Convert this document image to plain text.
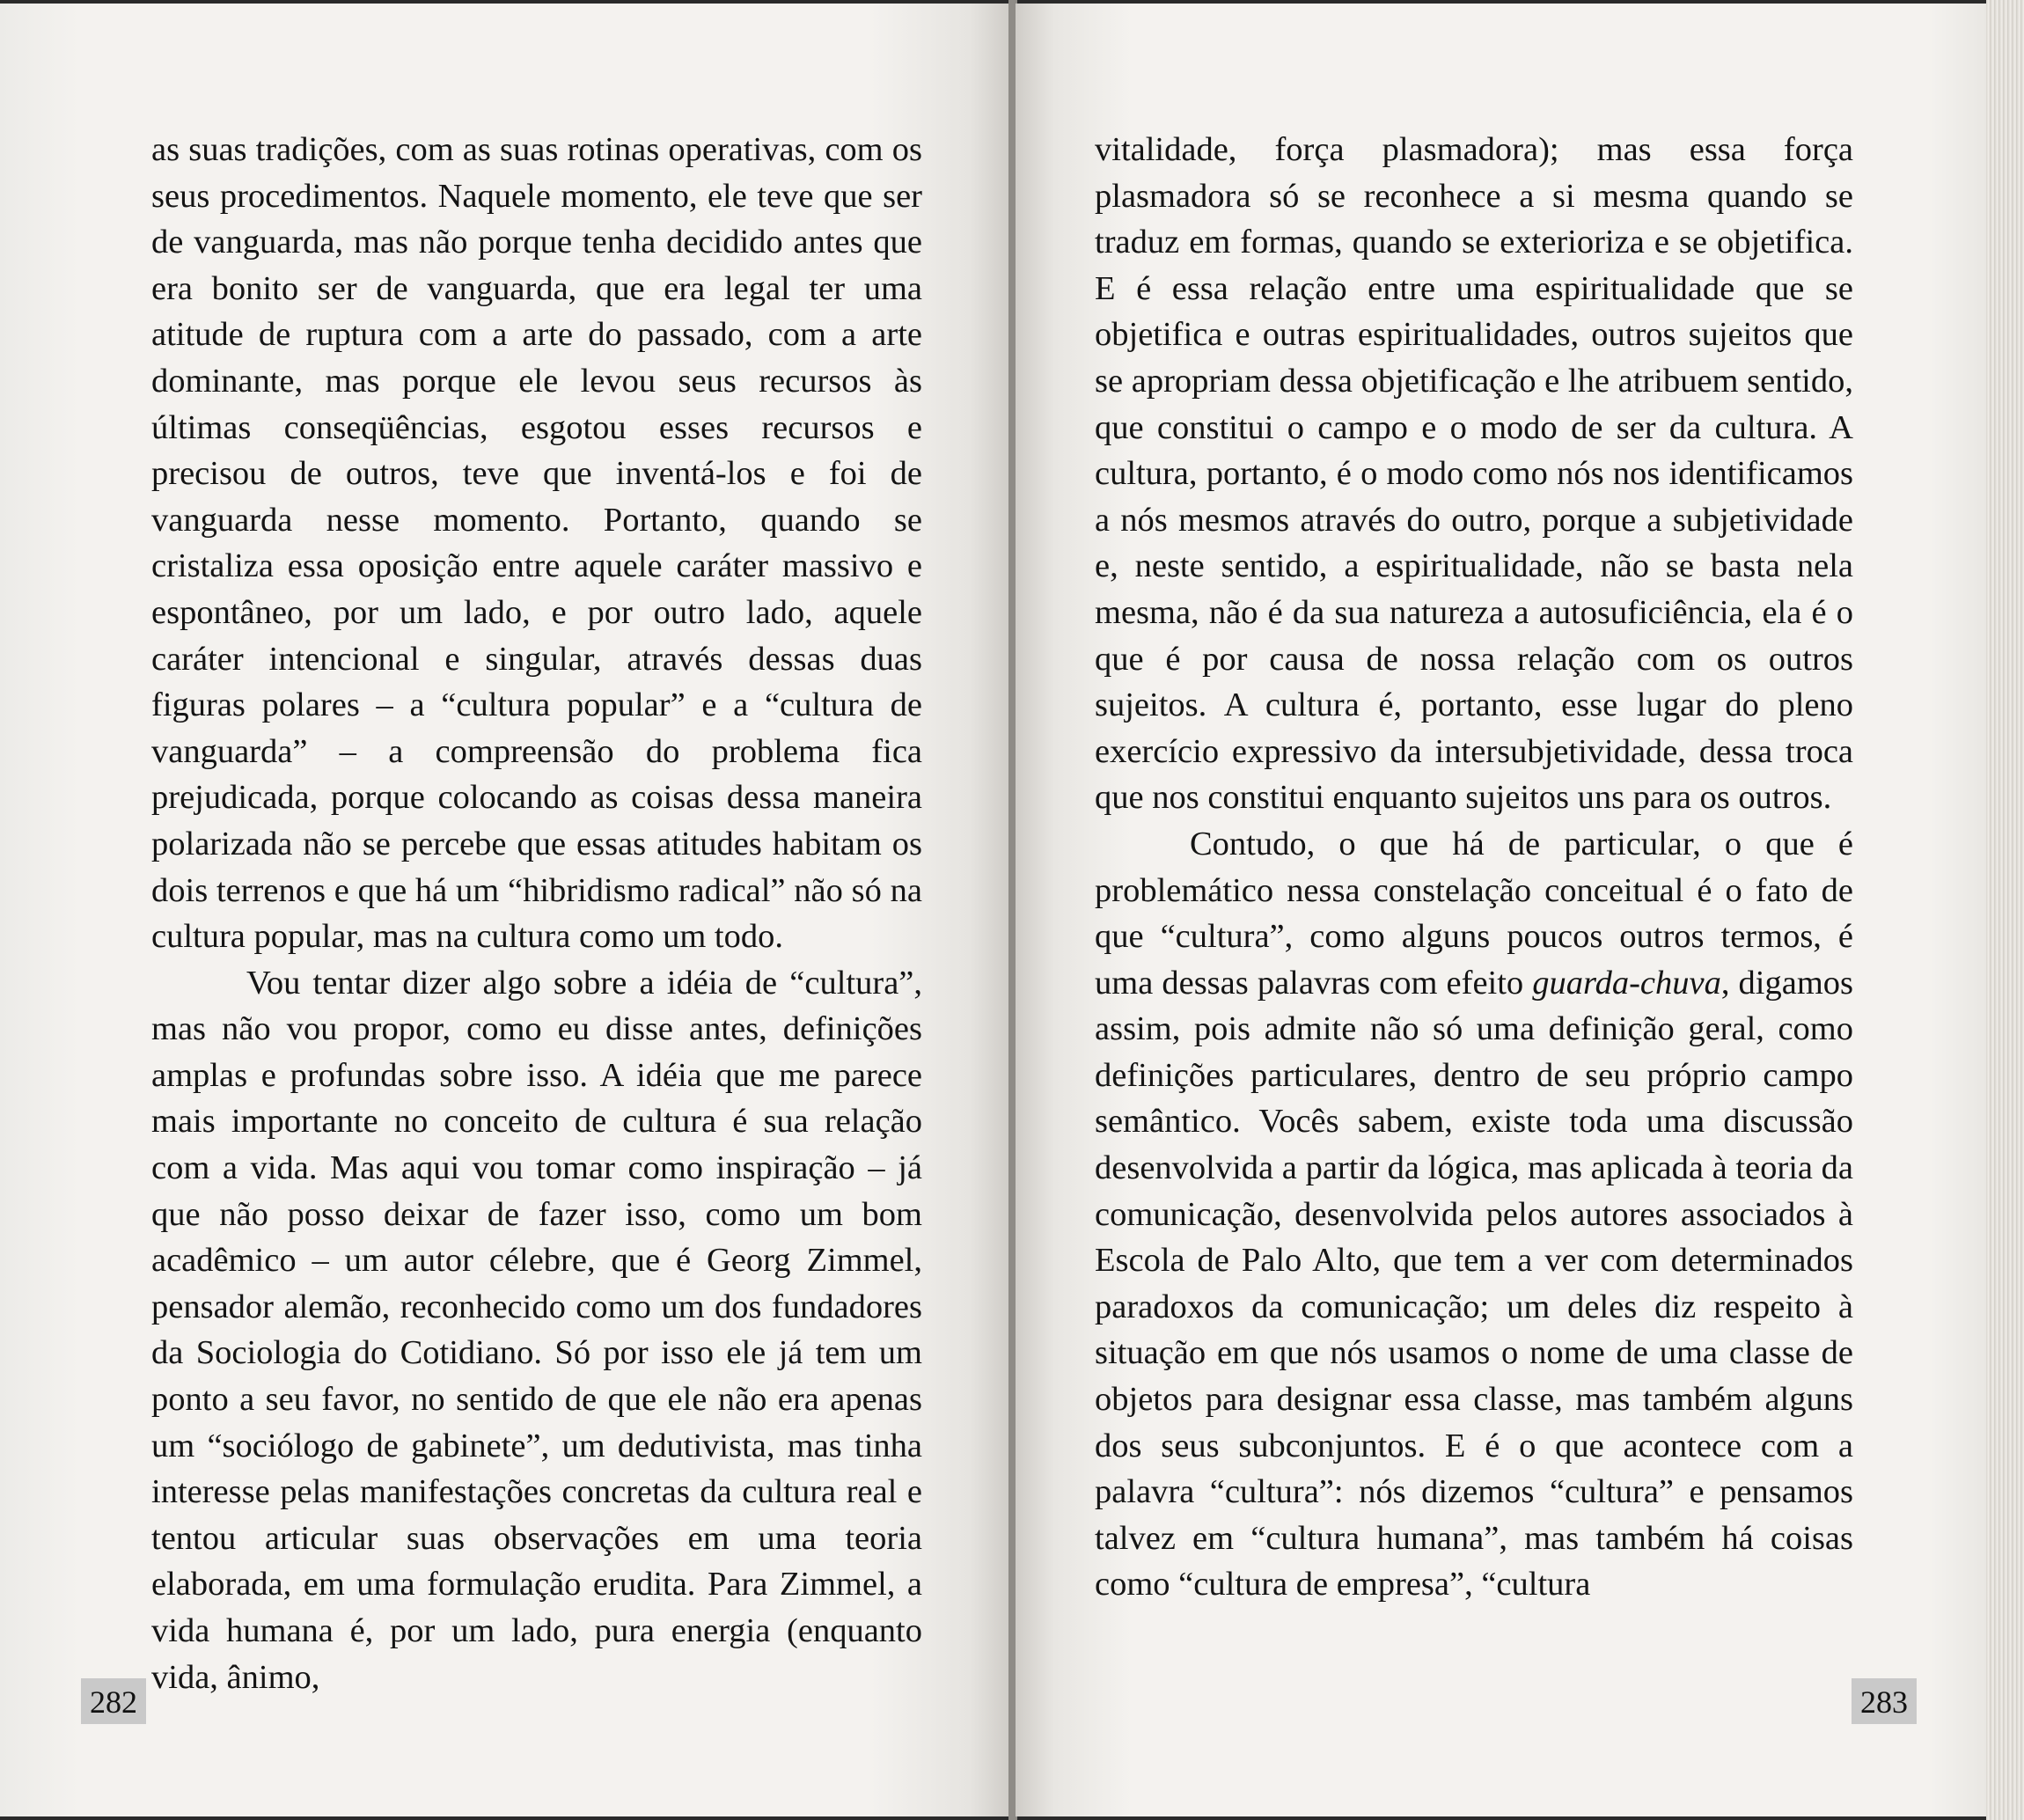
as suas tradições, com as suas rotinas operativas, com os seus procedimentos. Naquele momento, ele teve que ser de vanguarda, mas não porque tenha decidido antes que era bonito ser de vanguarda, que era legal ter uma atitude de ruptura com a arte do passado, com a arte dominante, mas porque ele levou seus recursos às últimas conseqüências, esgotou esses recursos e precisou de outros, teve que inventá-los e foi de vanguarda nesse momento. Portanto, quando se cristaliza essa oposição entre aquele caráter massivo e espontâneo, por um lado, e por outro lado, aquele caráter intencional e singular, através dessas duas figuras polares – a “cultura popular” e a “cultura de vanguarda” – a compreensão do problema fica prejudicada, porque colocando as coisas dessa maneira polarizada não se percebe que essas atitudes habitam os dois terrenos e que há um “hibridismo radical” não só na cultura popular, mas na cultura como um todo.

Vou tentar dizer algo sobre a idéia de “cultura”, mas não vou propor, como eu disse antes, definições amplas e profundas sobre isso. A idéia que me parece mais importante no conceito de cultura é sua relação com a vida. Mas aqui vou tomar como inspiração – já que não posso deixar de fazer isso, como um bom acadêmico – um autor célebre, que é Georg Zimmel, pensador alemão, reconhecido como um dos fundadores da Sociologia do Cotidiano. Só por isso ele já tem um ponto a seu favor, no sentido de que ele não era apenas um “sociólogo de gabinete”, um dedutivista, mas tinha interesse pelas manifestações concretas da cultura real e tentou articular suas observações em uma teoria elaborada, em uma formulação erudita. Para Zimmel, a vida humana é, por um lado, pura energia (enquanto vida, ânimo,

282

vitalidade, força plasmadora); mas essa força plasmadora só se reconhece a si mesma quando se traduz em formas, quando se exterioriza e se objetifica. E é essa relação entre uma espiritualidade que se objetifica e outras espiritualidades, outros sujeitos que se apropriam dessa objetificação e lhe atribuem sentido, que constitui o campo e o modo de ser da cultura. A cultura, portanto, é o modo como nós nos identificamos a nós mesmos através do outro, porque a subjetividade e, neste sentido, a espiritualidade, não se basta nela mesma, não é da sua natureza a autosuficiência, ela é o que é por causa de nossa relação com os outros sujeitos. A cultura é, portanto, esse lugar do pleno exercício expressivo da intersubjetividade, dessa troca que nos constitui enquanto sujeitos uns para os outros.

Contudo, o que há de particular, o que é problemático nessa constelação conceitual é o fato de que “cultura”, como alguns poucos outros termos, é uma dessas palavras com efeito guarda-chuva, digamos assim, pois admite não só uma definição geral, como definições particulares, dentro de seu próprio campo semântico. Vocês sabem, existe toda uma discussão desenvolvida a partir da lógica, mas aplicada à teoria da comunicação, desenvolvida pelos autores associados à Escola de Palo Alto, que tem a ver com determinados paradoxos da comunicação; um deles diz respeito à situação em que nós usamos o nome de uma classe de objetos para designar essa classe, mas também alguns dos seus subconjuntos. E é o que acontece com a palavra “cultura”: nós dizemos “cultura” e pensamos talvez em “cultura humana”, mas também há coisas como “cultura de empresa”, “cultura

283
